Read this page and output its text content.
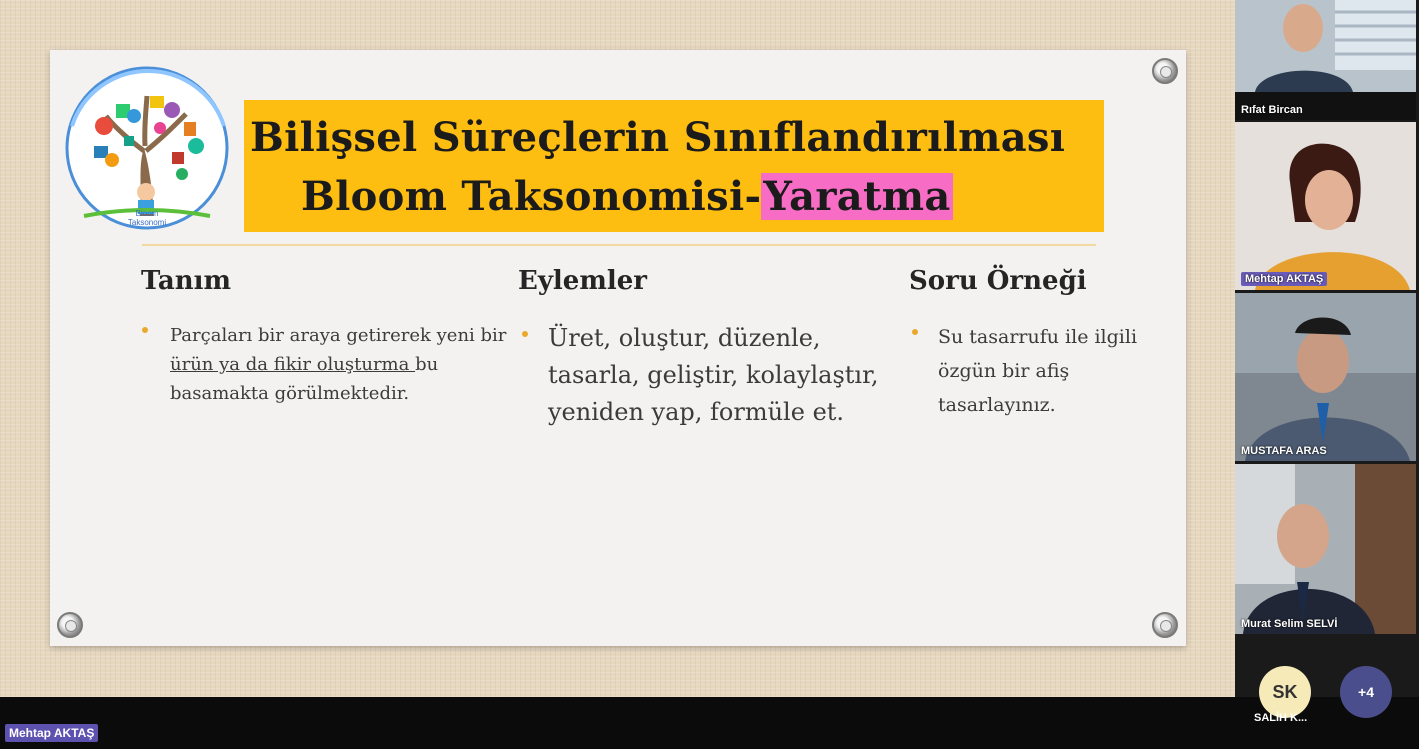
Bloom
Taksonomi
Bilişsel Süreçlerin Sınıflandırılması
Bloom Taksonomisi-Yaratma
Tanım
Parçaları bir araya getirerek yeni bir
ürün ya da fikir oluşturma bu
basamakta görülmektedir.
Eylemler
Üret, oluştur, düzenle,
tasarla, geliştir, kolaylaştır,
yeniden yap, formüle et.
Soru Örneği
Su tasarrufu ile ilgili
özgün bir afiş
tasarlayınız.
Rıfat Bircan
Mehtap AKTAŞ
MUSTAFA ARAS
Murat Selim SELVİ
Mehtap AKTAŞ
SK
SALİH K...
+4
